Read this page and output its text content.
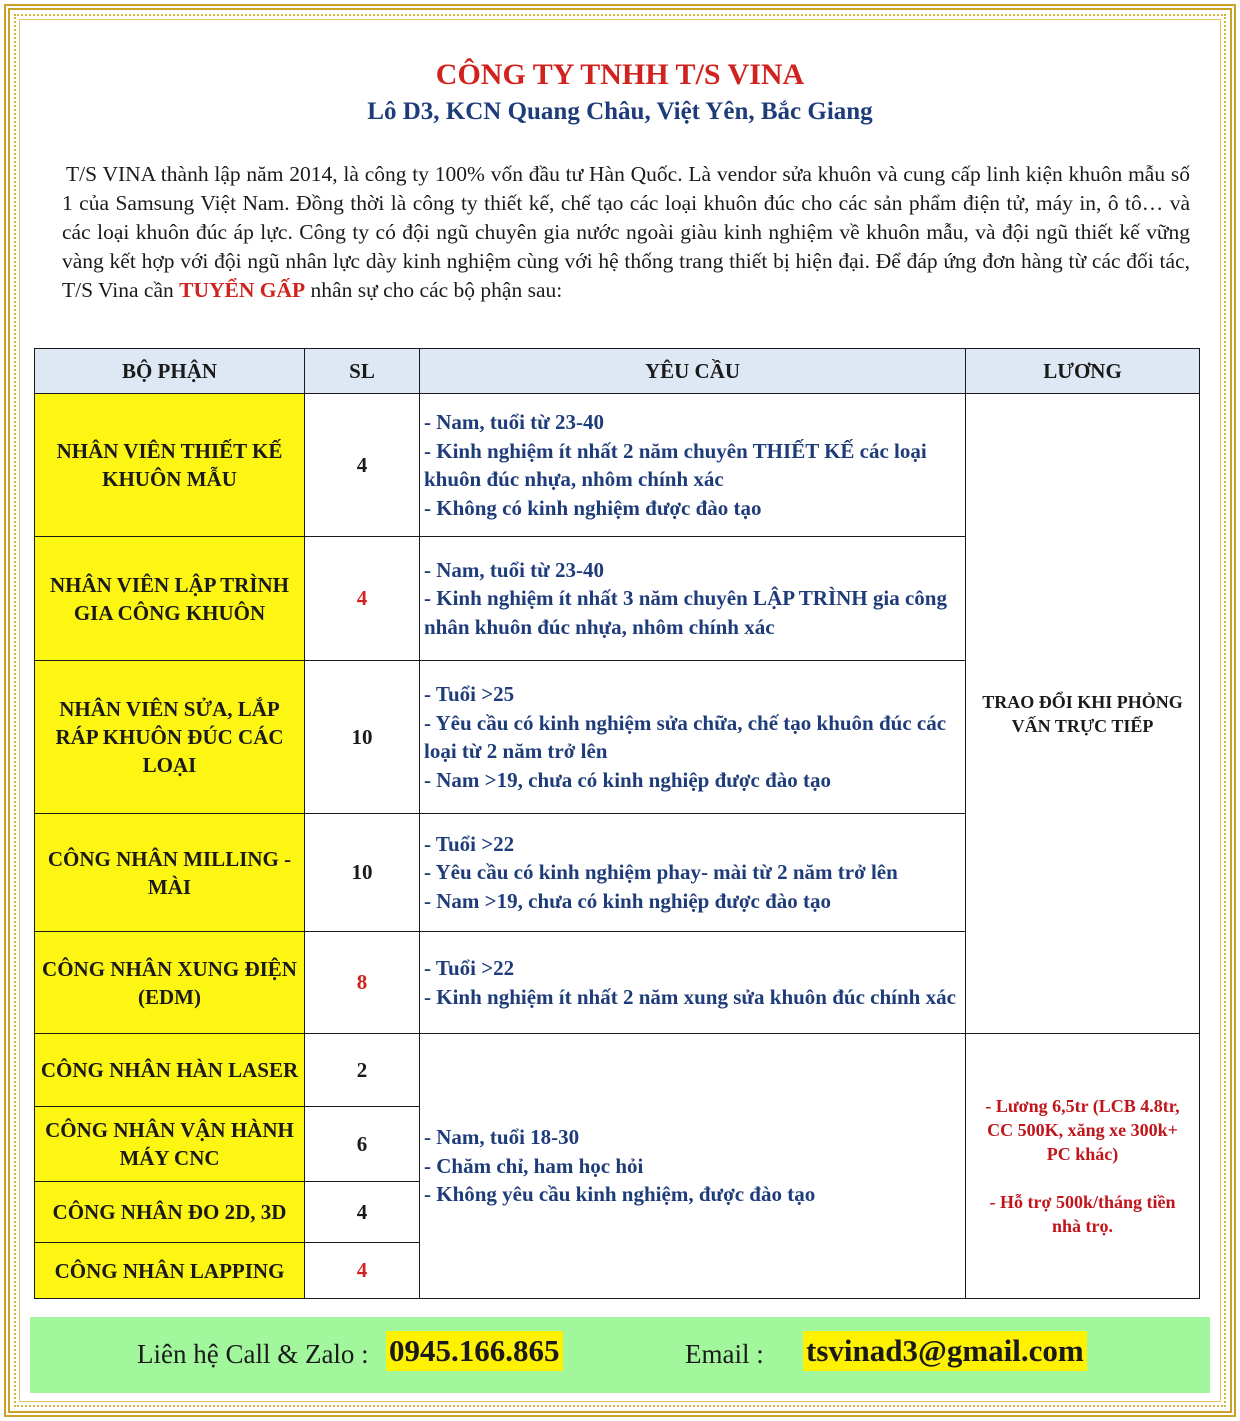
CÔNG TY TNHH T/S VINA
Lô D3, KCN Quang Châu, Việt Yên, Bắc Giang
T/S VINA thành lập năm 2014, là công ty 100% vốn đầu tư Hàn Quốc. Là vendor sửa khuôn và cung cấp linh kiện khuôn mẫu số 1 của Samsung Việt Nam. Đồng thời là công ty thiết kế, chế tạo các loại khuôn đúc cho các sản phẩm điện tử, máy in, ô tô… và các loại khuôn đúc áp lực. Công ty có đội ngũ chuyên gia nước ngoài giàu kinh nghiệm về khuôn mẫu, và đội ngũ thiết kế vững vàng kết hợp với đội ngũ nhân lực dày kinh nghiệm cùng với hệ thống trang thiết bị hiện đại. Để đáp ứng đơn hàng từ các đối tác, T/S Vina cần TUYỂN GẤP nhân sự cho các bộ phận sau:
BỘ PHẬN	SL	YÊU CẦU	LƯƠNG
NHÂN VIÊN THIẾT KẾ KHUÔN MẪU	4	- Nam, tuổi từ 23-40
- Kinh nghiệm ít nhất 2 năm chuyên THIẾT KẾ các loại khuôn đúc nhựa, nhôm chính xác
- Không có kinh nghiệm được đào tạo	TRAO ĐỔI KHI PHỎNG VẤN TRỰC TIẾP
NHÂN VIÊN LẬP TRÌNH GIA CÔNG KHUÔN	4	- Nam, tuổi từ 23-40
- Kinh nghiệm ít nhất 3 năm chuyên LẬP TRÌNH gia công nhân khuôn đúc nhựa, nhôm chính xác	

NHÂN VIÊN SỬA, LẮP RÁP KHUÔN ĐÚC CÁC LOẠI	10	- Tuổi >25
- Yêu cầu có kinh nghiệm sửa chữa, chế tạo khuôn đúc các loại từ 2 năm trở lên
- Nam >19, chưa có kinh nghiệp được đào tạo	

CÔNG NHÂN MILLING - MÀI	10	- Tuổi >22
- Yêu cầu có kinh nghiệm phay- mài từ 2 năm trở lên
- Nam >19, chưa có kinh nghiệp được đào tạo	

CÔNG NHÂN XUNG ĐIỆN (EDM)	8	- Tuổi >22
- Kinh nghiệm ít nhất 2 năm xung sửa khuôn đúc chính xác	

CÔNG NHÂN HÀN LASER	2	- Nam, tuổi 18-30
- Chăm chỉ, ham học hỏi
- Không yêu cầu kinh nghiệm, được đào tạo	- Lương 6,5tr (LCB 4.8tr, CC 500K, xăng xe 300k+ PC khác)
- Hỗ trợ 500k/tháng tiền nhà trọ.
CÔNG NHÂN VẬN HÀNH MÁY CNC	6		
CÔNG NHÂN ĐO 2D, 3D	4		
CÔNG NHÂN LAPPING	4		
Liên hệ Call & Zalo : 0945.166.865	Email : tsvinad3@gmail.com
